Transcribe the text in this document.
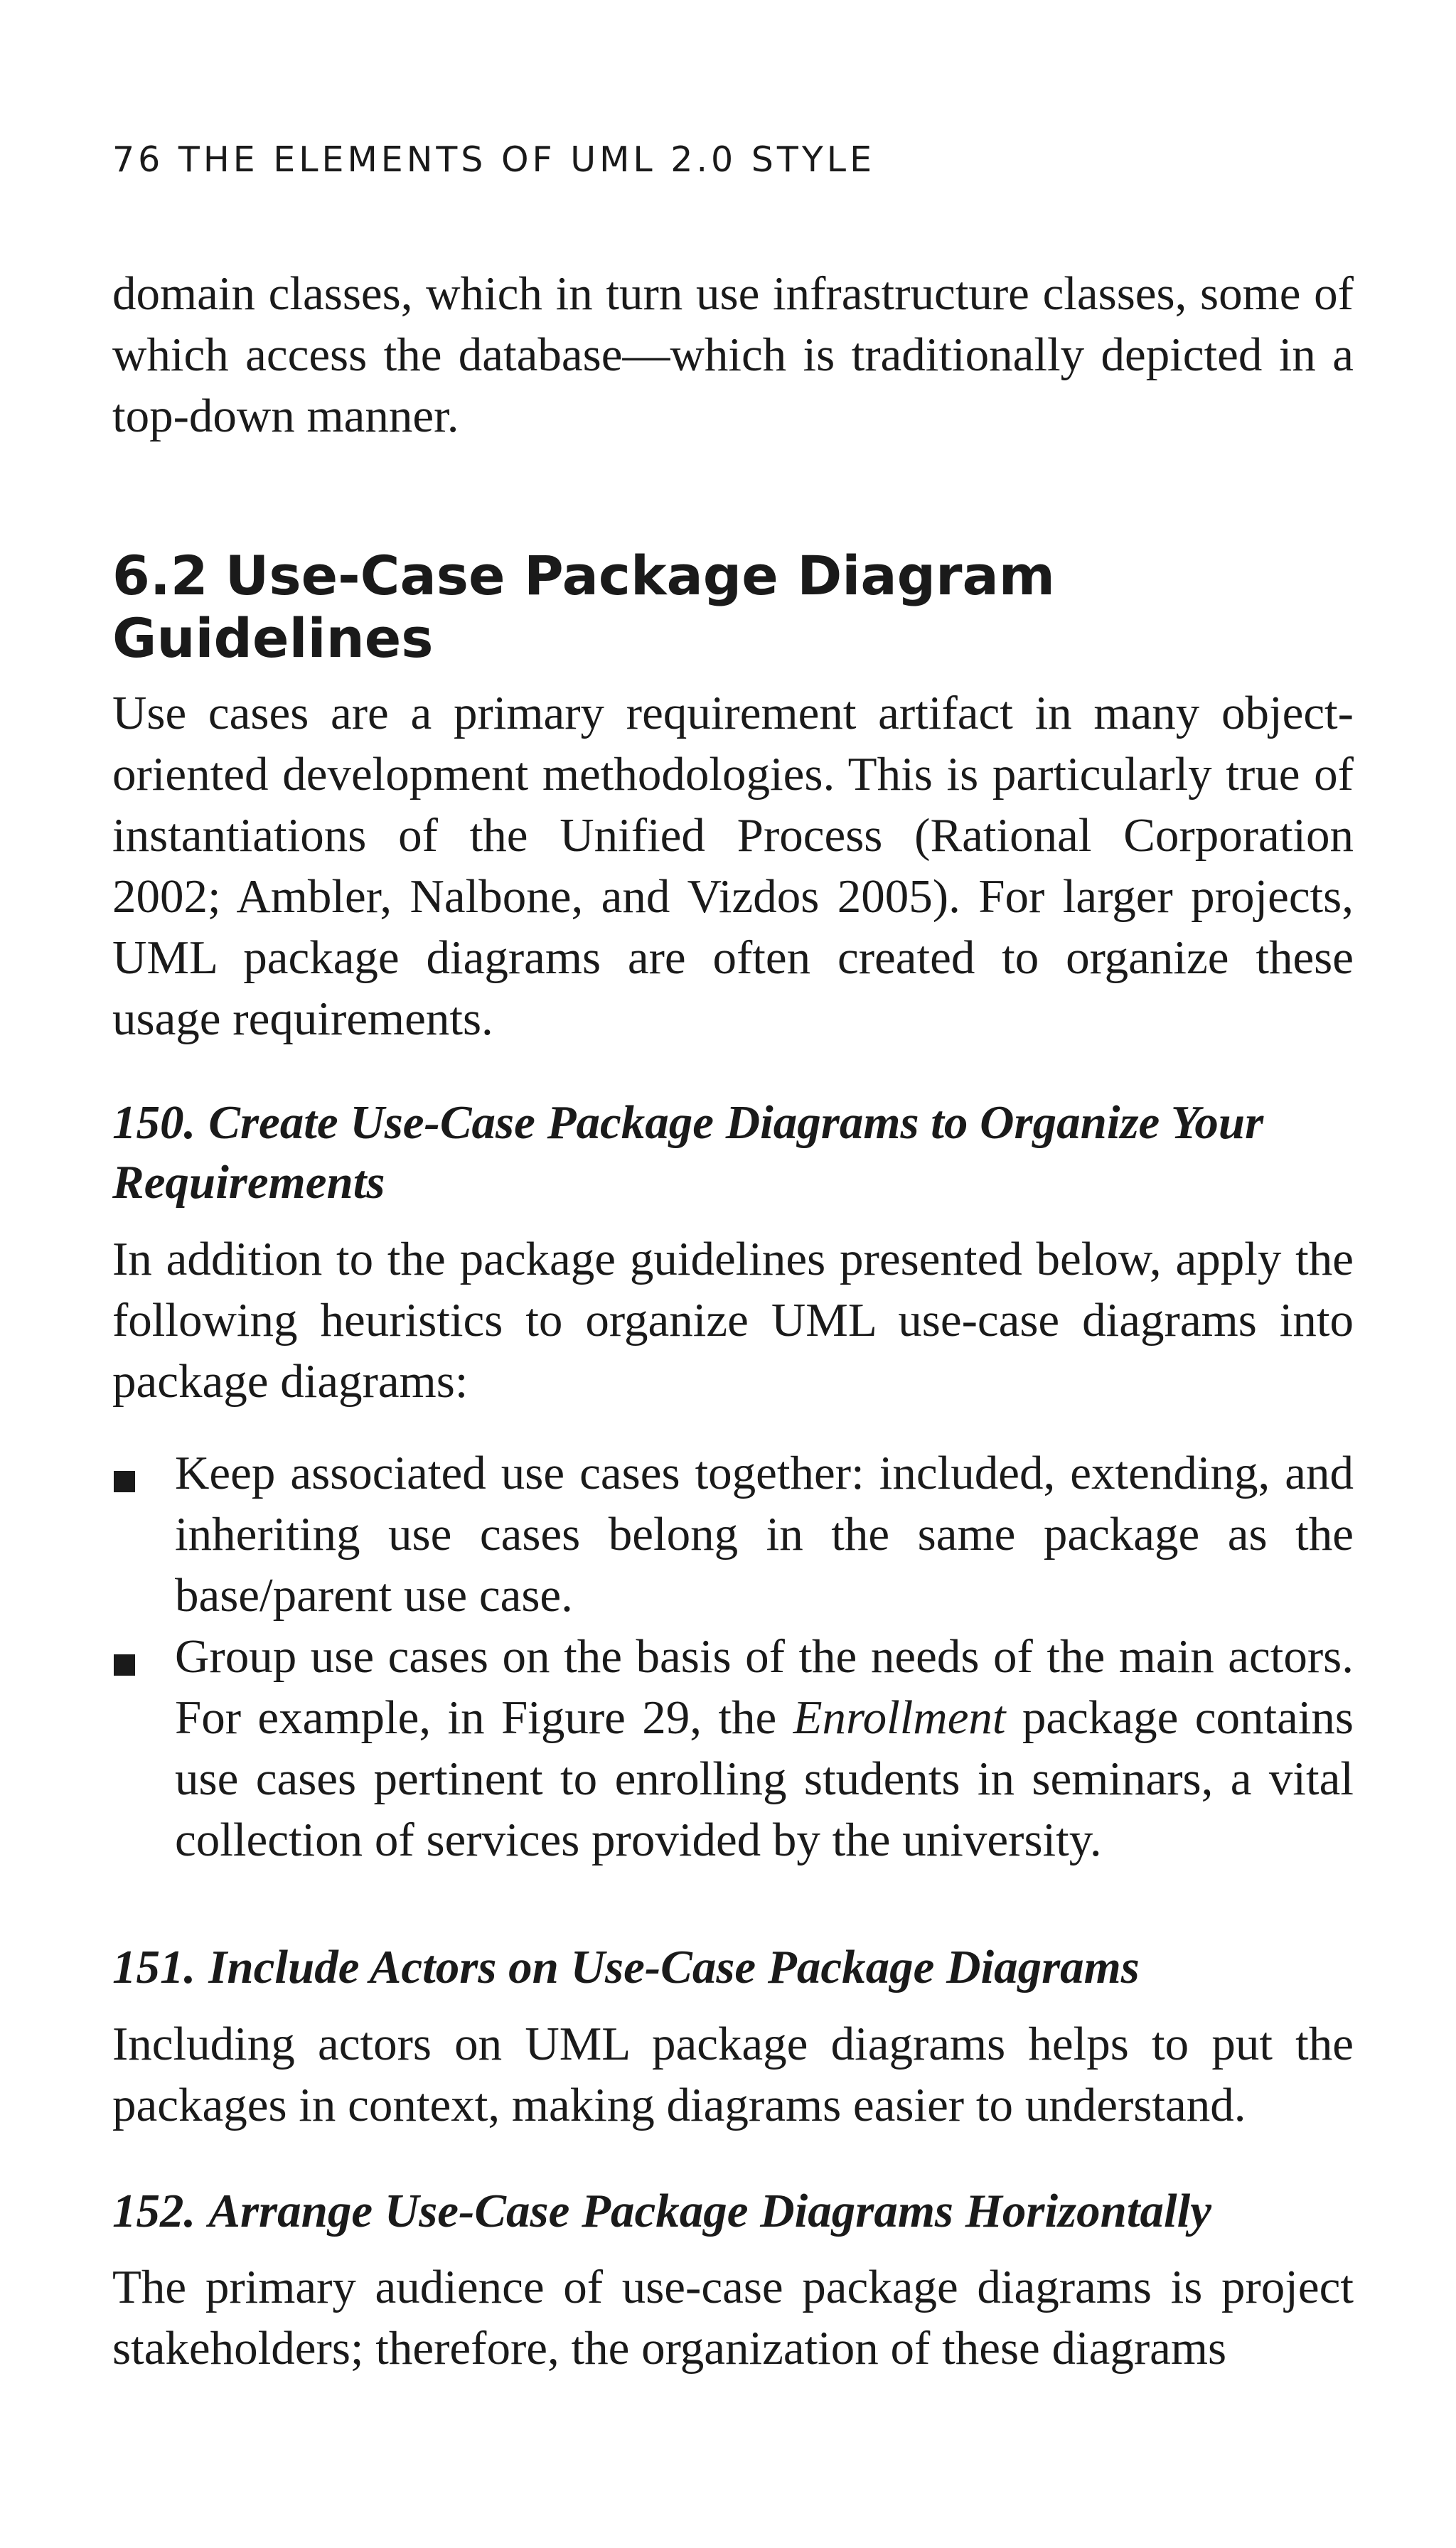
76 THE ELEMENTS OF UML 2.0 STYLE

domain classes, which in turn use infrastructure classes, some of which access the database—which is traditionally depicted in a top-down manner.

6.2 Use-Case Package Diagram Guidelines

Use cases are a primary requirement artifact in many object-oriented development methodologies. This is particularly true of instantiations of the Unified Process (Rational Corporation 2002; Ambler, Nalbone, and Vizdos 2005). For larger projects, UML package diagrams are often created to organize these usage requirements.

150. Create Use-Case Package Diagrams to Organize Your Requirements

In addition to the package guidelines presented below, apply the following heuristics to organize UML use-case diagrams into package diagrams:

Keep associated use cases together: included, extending, and inheriting use cases belong in the same package as the base/parent use case.
Group use cases on the basis of the needs of the main actors. For example, in Figure 29, the Enrollment package contains use cases pertinent to enrolling students in seminars, a vital collection of services provided by the university.
151. Include Actors on Use-Case Package Diagrams

Including actors on UML package diagrams helps to put the packages in context, making diagrams easier to understand.

152. Arrange Use-Case Package Diagrams Horizontally

The primary audience of use-case package diagrams is project stakeholders; therefore, the organization of these diagrams
